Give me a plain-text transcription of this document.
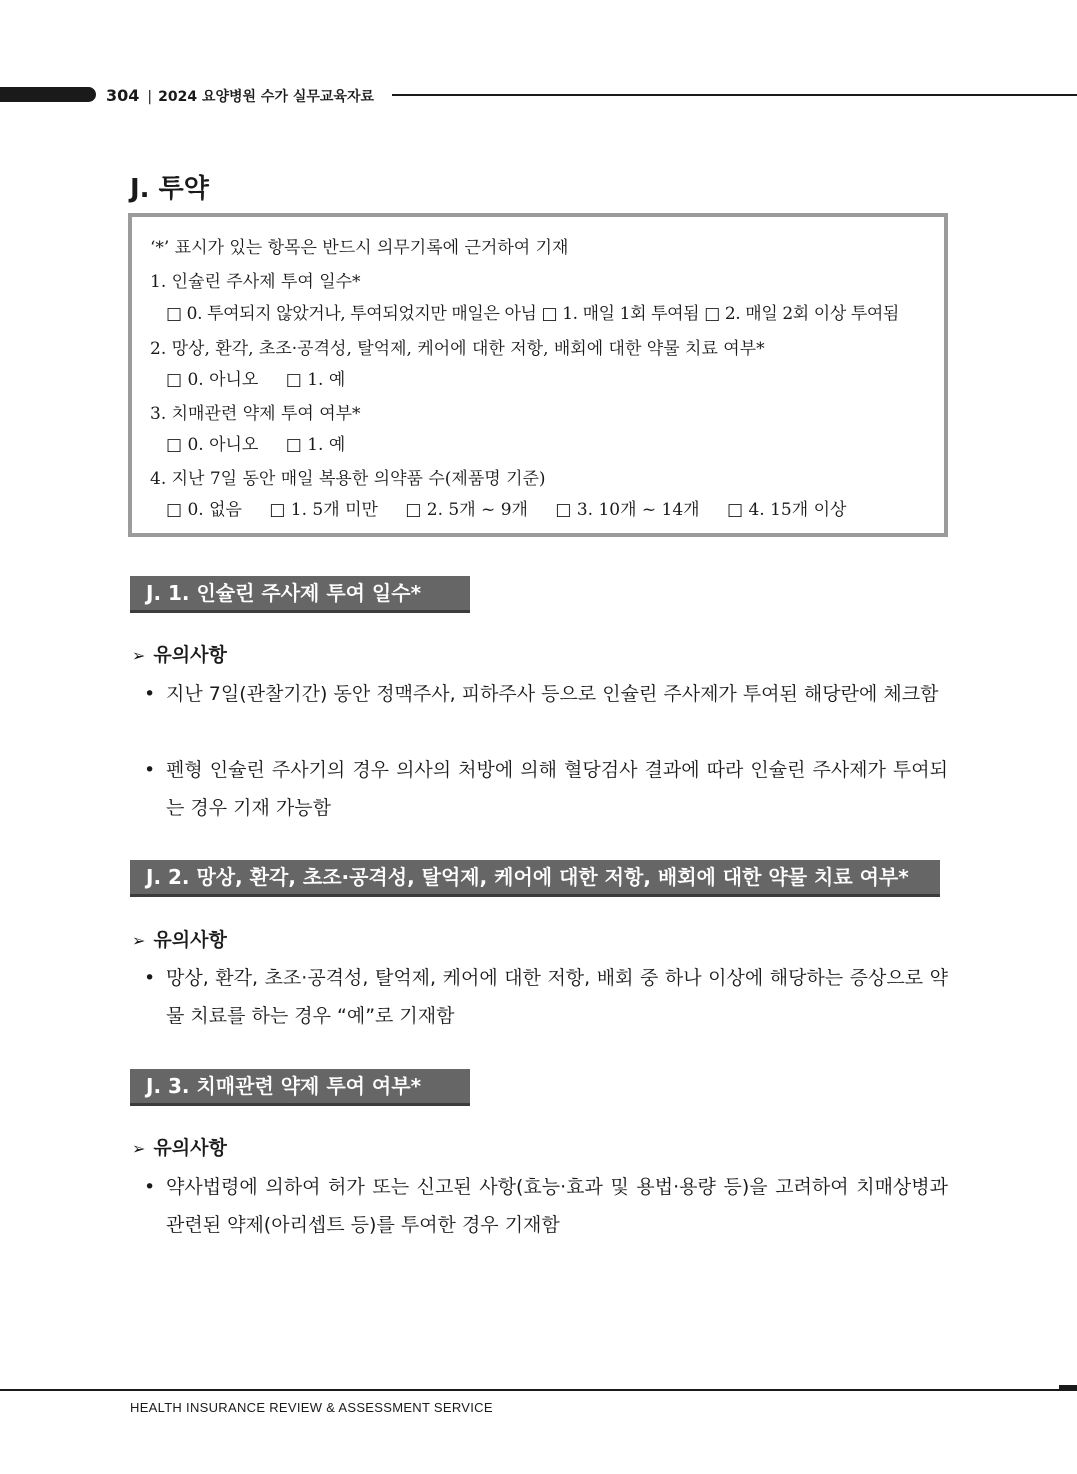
304 | 2024 요양병원 수가 실무교육자료
J. 투약
‘*’ 표시가 있는 항목은 반드시 의무기록에 근거하여 기재
1. 인슐린 주사제 투여 일수*
□ 0. 투여되지 않았거나, 투여되었지만 매일은 아님 □ 1. 매일 1회 투여됨 □ 2. 매일 2회 이상 투여됨
2. 망상, 환각, 초조·공격성, 탈억제, 케어에 대한 저항, 배회에 대한 약물 치료 여부*
□ 0. 아니오 □ 1. 예
3. 치매관련 약제 투여 여부*
□ 0. 아니오 □ 1. 예
4. 지난 7일 동안 매일 복용한 의약품 수(제품명 기준)
□ 0. 없음 □ 1. 5개 미만 □ 2. 5개 ~ 9개 □ 3. 10개 ~ 14개 □ 4. 15개 이상
J. 1. 인슐린 주사제 투여 일수*
➢ 유의사항
• 지난 7일(관찰기간) 동안 정맥주사, 피하주사 등으로 인슐린 주사제가 투여된 해당란에 체크함
• 펜형 인슐린 주사기의 경우 의사의 처방에 의해 혈당검사 결과에 따라 인슐린 주사제가 투여되는 경우 기재 가능함
J. 2. 망상, 환각, 초조·공격성, 탈억제, 케어에 대한 저항, 배회에 대한 약물 치료 여부*
➢ 유의사항
• 망상, 환각, 초조·공격성, 탈억제, 케어에 대한 저항, 배회 중 하나 이상에 해당하는 증상으로 약물 치료를 하는 경우 “예”로 기재함
J. 3. 치매관련 약제 투여 여부*
➢ 유의사항
• 약사법령에 의하여 허가 또는 신고된 사항(효능·효과 및 용법·용량 등)을 고려하여 치매상병과 관련된 약제(아리셉트 등)를 투여한 경우 기재함
HEALTH INSURANCE REVIEW & ASSESSMENT SERVICE
